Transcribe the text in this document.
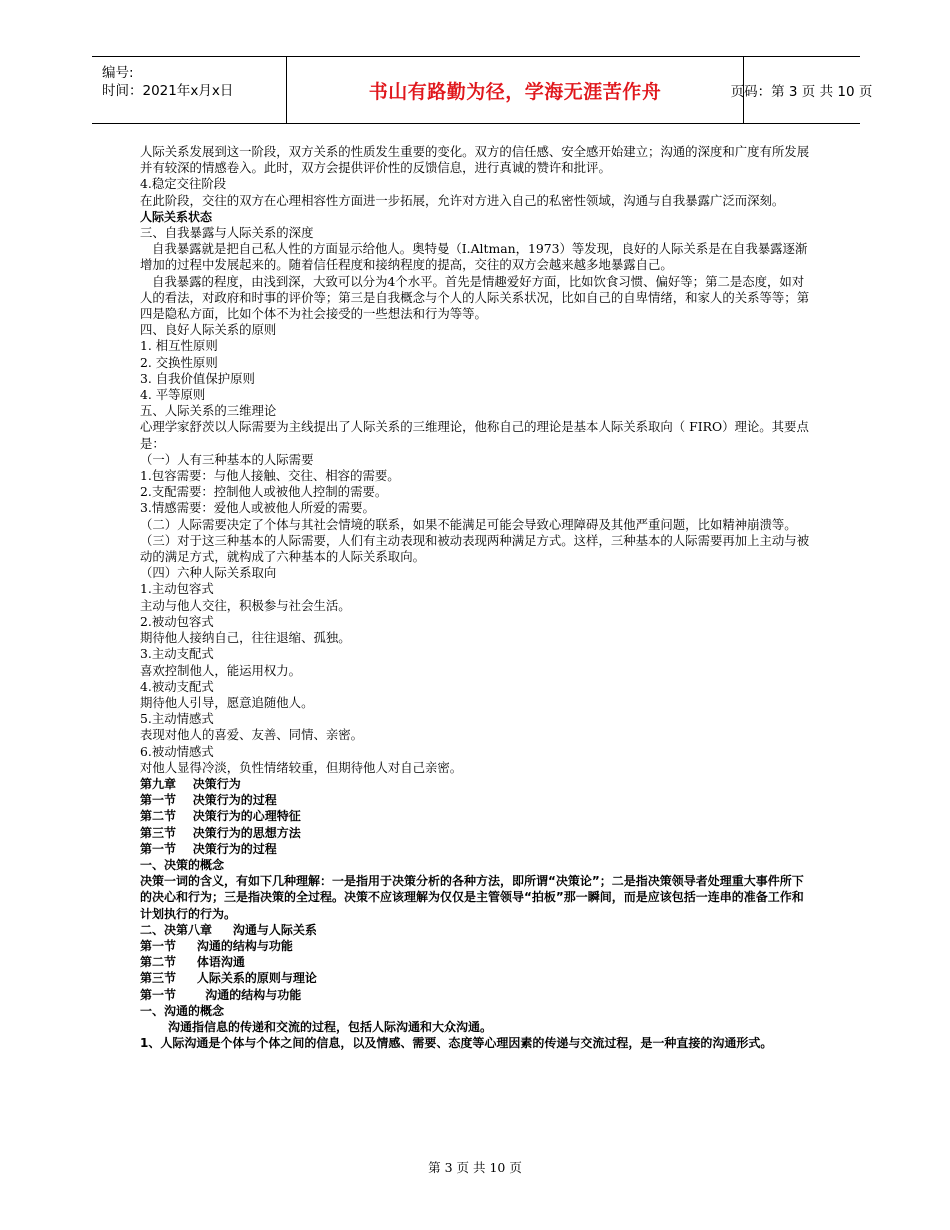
编号:
时间：2021年x月x日	书山有路勤为径，学海无涯苦作舟	页码：第 3 页 共 10 页
人际关系发展到这一阶段，双方关系的性质发生重要的变化。双方的信任感、安全感开始建立；沟通的深度和广度有所发展并有较深的情感卷入。此时，双方会提供评价性的反馈信息，进行真诚的赞许和批评。
4.稳定交往阶段
在此阶段，交往的双方在心理相容性方面进一步拓展，允许对方进入自己的私密性领域，沟通与自我暴露广泛而深刻。
人际关系状态
三、自我暴露与人际关系的深度
自我暴露就是把自己私人性的方面显示给他人。奥特曼（I.Altman，1973）等发现，良好的人际关系是在自我暴露逐渐增加的过程中发展起来的。随着信任程度和接纳程度的提高，交往的双方会越来越多地暴露自己。
自我暴露的程度，由浅到深，大致可以分为4个水平。首先是情趣爱好方面，比如饮食习惯、偏好等；第二是态度，如对人的看法，对政府和时事的评价等；第三是自我概念与个人的人际关系状况，比如自己的自卑情绪，和家人的关系等等；第四是隐私方面，比如个体不为社会接受的一些想法和行为等等。
四、良好人际关系的原则
1. 相互性原则
2. 交换性原则
3. 自我价值保护原则
4. 平等原则
五、人际关系的三维理论
心理学家舒茨以人际需要为主线提出了人际关系的三维理论，他称自己的理论是基本人际关系取向（ FIRO）理论。其要点是：
（一）人有三种基本的人际需要
1.包容需要：与他人接触、交往、相容的需要。
2.支配需要：控制他人或被他人控制的需要。
3.情感需要：爱他人或被他人所爱的需要。
（二）人际需要决定了个体与其社会情境的联系，如果不能满足可能会导致心理障碍及其他严重问题，比如精神崩溃等。
（三）对于这三种基本的人际需要，人们有主动表现和被动表现两种满足方式。这样，三种基本的人际需要再加上主动与被动的满足方式，就构成了六种基本的人际关系取向。
（四）六种人际关系取向
1.主动包容式
主动与他人交往，积极参与社会生活。
2.被动包容式
期待他人接纳自己，往往退缩、孤独。
3.主动支配式
喜欢控制他人，能运用权力。
4.被动支配式
期待他人引导，愿意追随他人。
5.主动情感式
表现对他人的喜爱、友善、同情、亲密。
6.被动情感式
对他人显得冷淡，负性情绪较重，但期待他人对自己亲密。
第九章    决策行为
第一节    决策行为的过程
第二节    决策行为的心理特征
第三节    决策行为的思想方法
第一节    决策行为的过程
一、决策的概念
决策一词的含义，有如下几种理解：一是指用于决策分析的各种方法，即所谓“决策论”；二是指决策领导者处理重大事件所下的决心和行为；三是指决策的全过程。决策不应该理解为仅仅是主管领导“拍板”那一瞬间，而是应该包括一连串的准备工作和计划执行的行为。
二、决第八章     沟通与人际关系
第一节     沟通的结构与功能
第二节     体语沟通
第三节     人际关系的原则与理论
第一节       沟通的结构与功能
一、沟通的概念
沟通指信息的传递和交流的过程，包括人际沟通和大众沟通。
1、人际沟通是个体与个体之间的信息，以及情感、需要、态度等心理因素的传递与交流过程，是一种直接的沟通形式。
第 3 页 共 10 页
